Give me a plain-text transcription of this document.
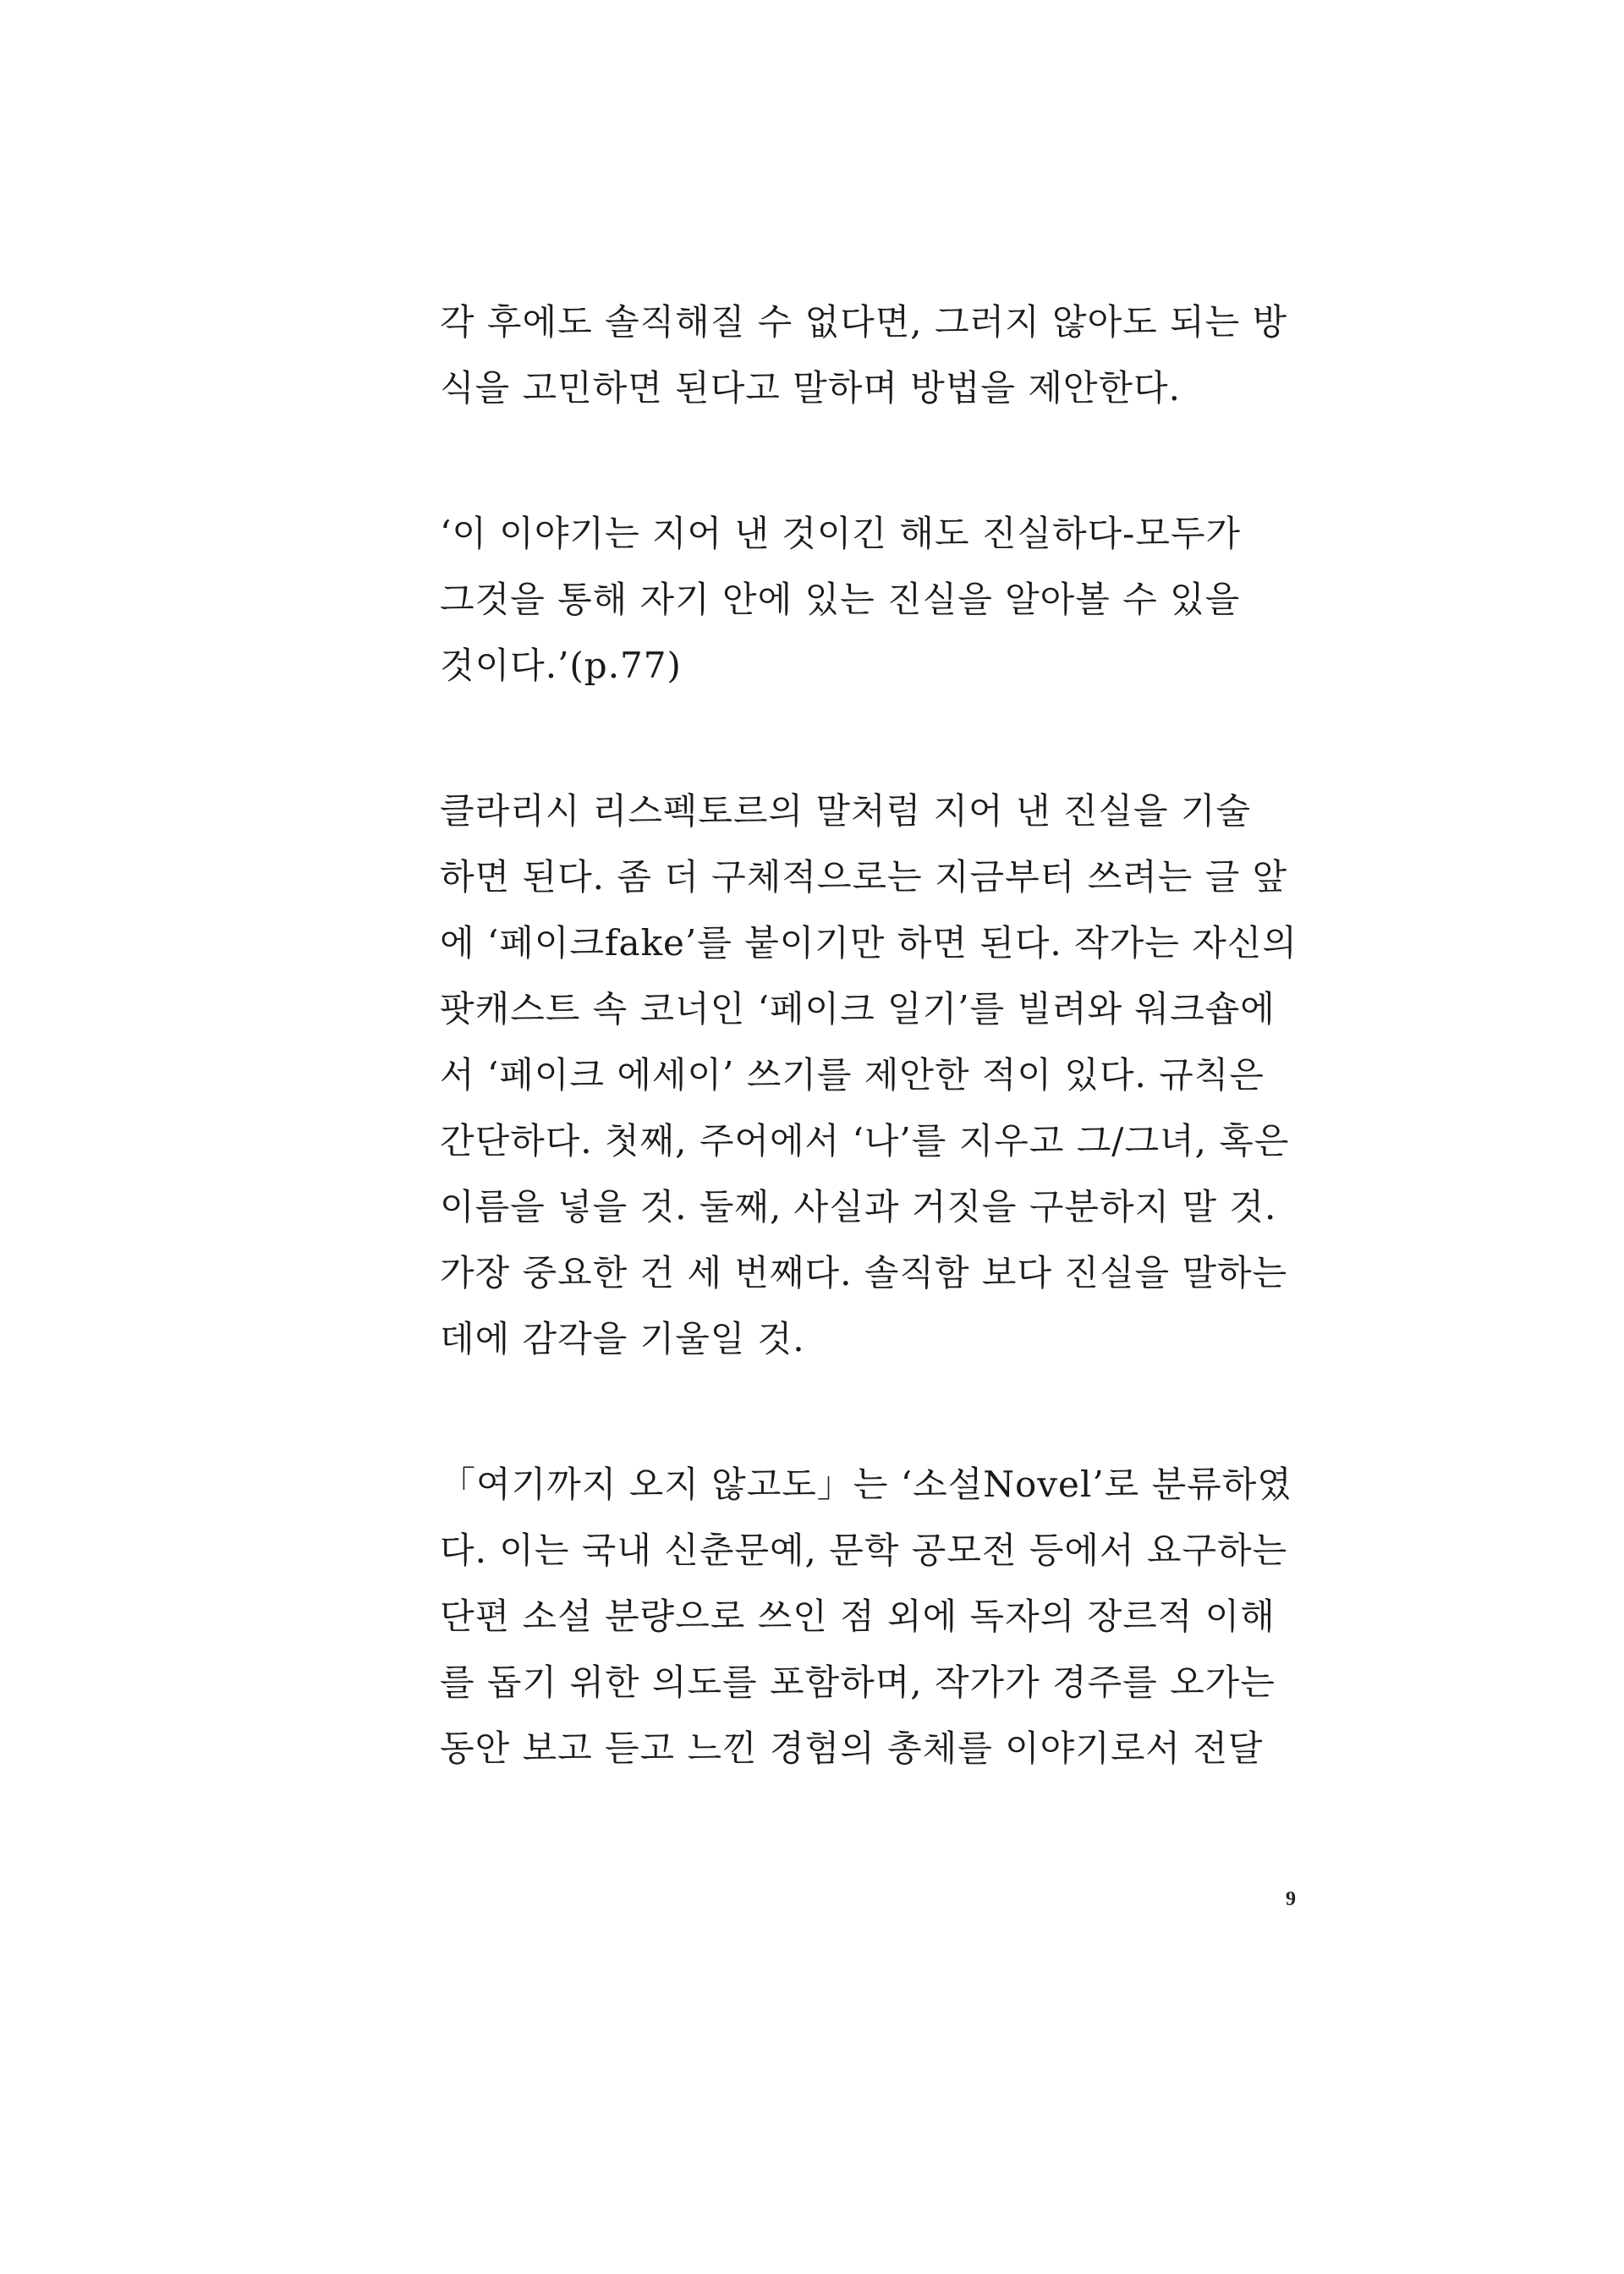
각 후에도 솔직해질 수 없다면, 그러지 않아도 되는 방
식을 고민하면 된다고 말하며 방법을 제안한다.
‘이 이야기는 지어 낸 것이긴 해도 진실하다-모두가
그것을 통해 자기 안에 있는 진실을 알아볼 수 있을
것이다.’(p.77)
클라리시 리스펙토르의 말처럼 지어 낸 진실을 기술
하면 된다. 좀 더 구체적으로는 지금부터 쓰려는 글 앞
에 ‘페이크fake’를 붙이기만 하면 된다. 작가는 자신의
팟캐스트 속 코너인 ‘페이크 일기’를 빌려와 워크숍에
서 ‘페이크 에세이’ 쓰기를 제안한 적이 있다. 규칙은
간단하다. 첫째, 주어에서 ‘나’를 지우고 그/그녀, 혹은
이름을 넣을 것. 둘째, 사실과 거짓을 구분하지 말 것.
가장 중요한 건 세 번째다. 솔직함 보다 진실을 말하는
데에 감각을 기울일 것.
「여기까지 오지 않고도」는 ‘소설Novel’로 분류하였
다. 이는 국내 신춘문예, 문학 공모전 등에서 요구하는
단편 소설 분량으로 쓰인 점 외에 독자의 장르적 이해
를 돕기 위한 의도를 포함하며, 작가가 경주를 오가는
동안 보고 듣고 느낀 경험의 총체를 이야기로서 전달
9
